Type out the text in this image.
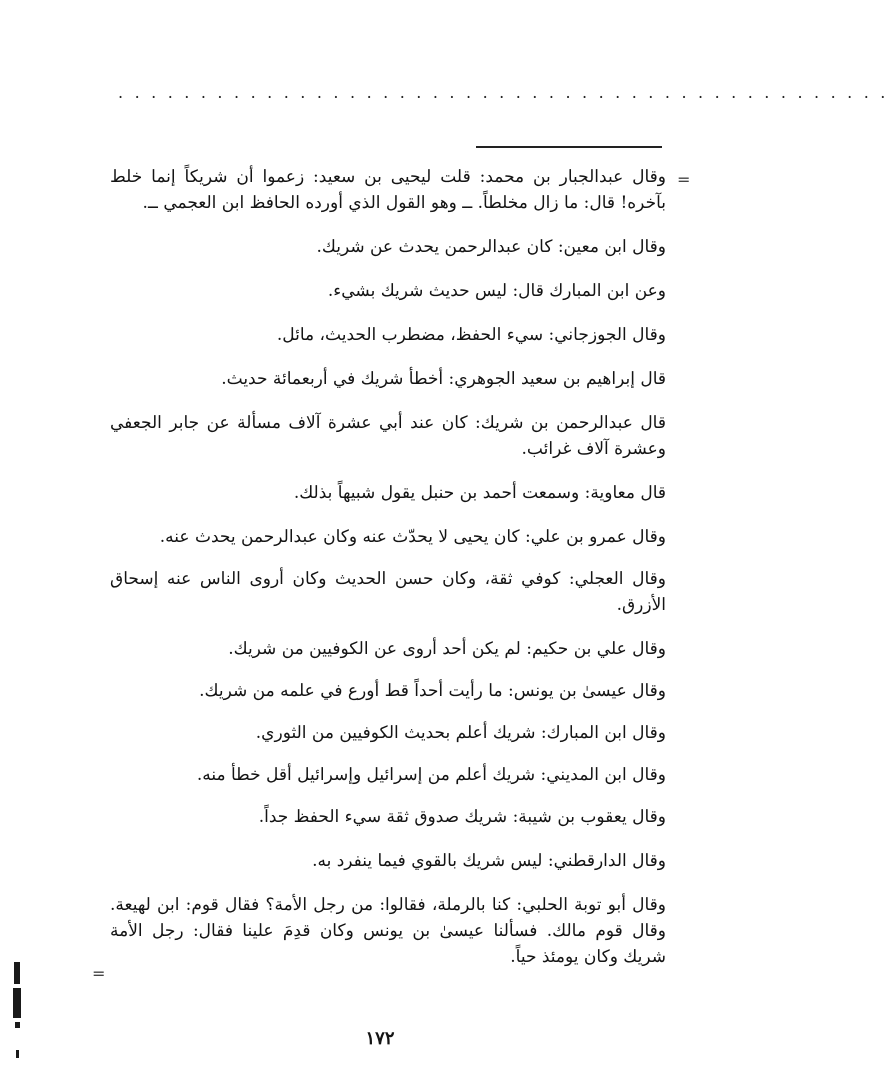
. . . . . . . . . . . . . . . . . . . . . . . . . . . . . . . . . . . . . . . . . . . . . . .
=
=

وقال عبدالجبار بن محمد: قلت ليحيى بن سعيد: زعموا أن شريكاً إنما خلط بآخره! قال: ما زال مخلطاً. ــ وهو القول الذي أورده الحافظ ابن العجمي ــ.

وقال ابن معين: كان عبدالرحمن يحدث عن شريك.

وعن ابن المبارك قال: ليس حديث شريك بشيء.

وقال الجوزجاني: سيء الحفظ، مضطرب الحديث، مائل.

قال إبراهيم بن سعيد الجوهري: أخطأ شريك في أربعمائة حديث.

قال عبدالرحمن بن شريك: كان عند أبي عشرة آلاف مسألة عن جابر الجعفي وعشرة آلاف غرائب.

قال معاوية: وسمعت أحمد بن حنبل يقول شبيهاً بذلك.

وقال عمرو بن علي: كان يحيى لا يحدّث عنه وكان عبدالرحمن يحدث عنه.

وقال العجلي: كوفي ثقة، وكان حسن الحديث وكان أروى الناس عنه إسحاق الأزرق.

وقال علي بن حكيم: لم يكن أحد أروى عن الكوفيين من شريك.

وقال عيسىٰ بن يونس: ما رأيت أحداً قط أورع في علمه من شريك.

وقال ابن المبارك: شريك أعلم بحديث الكوفيين من الثوري.

وقال ابن المديني: شريك أعلم من إسرائيل وإسرائيل أقل خطأ منه.

وقال يعقوب بن شيبة: شريك صدوق ثقة سيء الحفظ جداً.

وقال الدارقطني: ليس شريك بالقوي فيما ينفرد به.

وقال أبو توبة الحلبي: كنا بالرملة، فقالوا: من رجل الأمة؟ فقال قوم: ابن لهيعة. وقال قوم مالك. فسألنا عيسىٰ بن يونس وكان قدِمَ علينا فقال: رجل الأمة شريك وكان يومئذ حياً.

١٧٢
